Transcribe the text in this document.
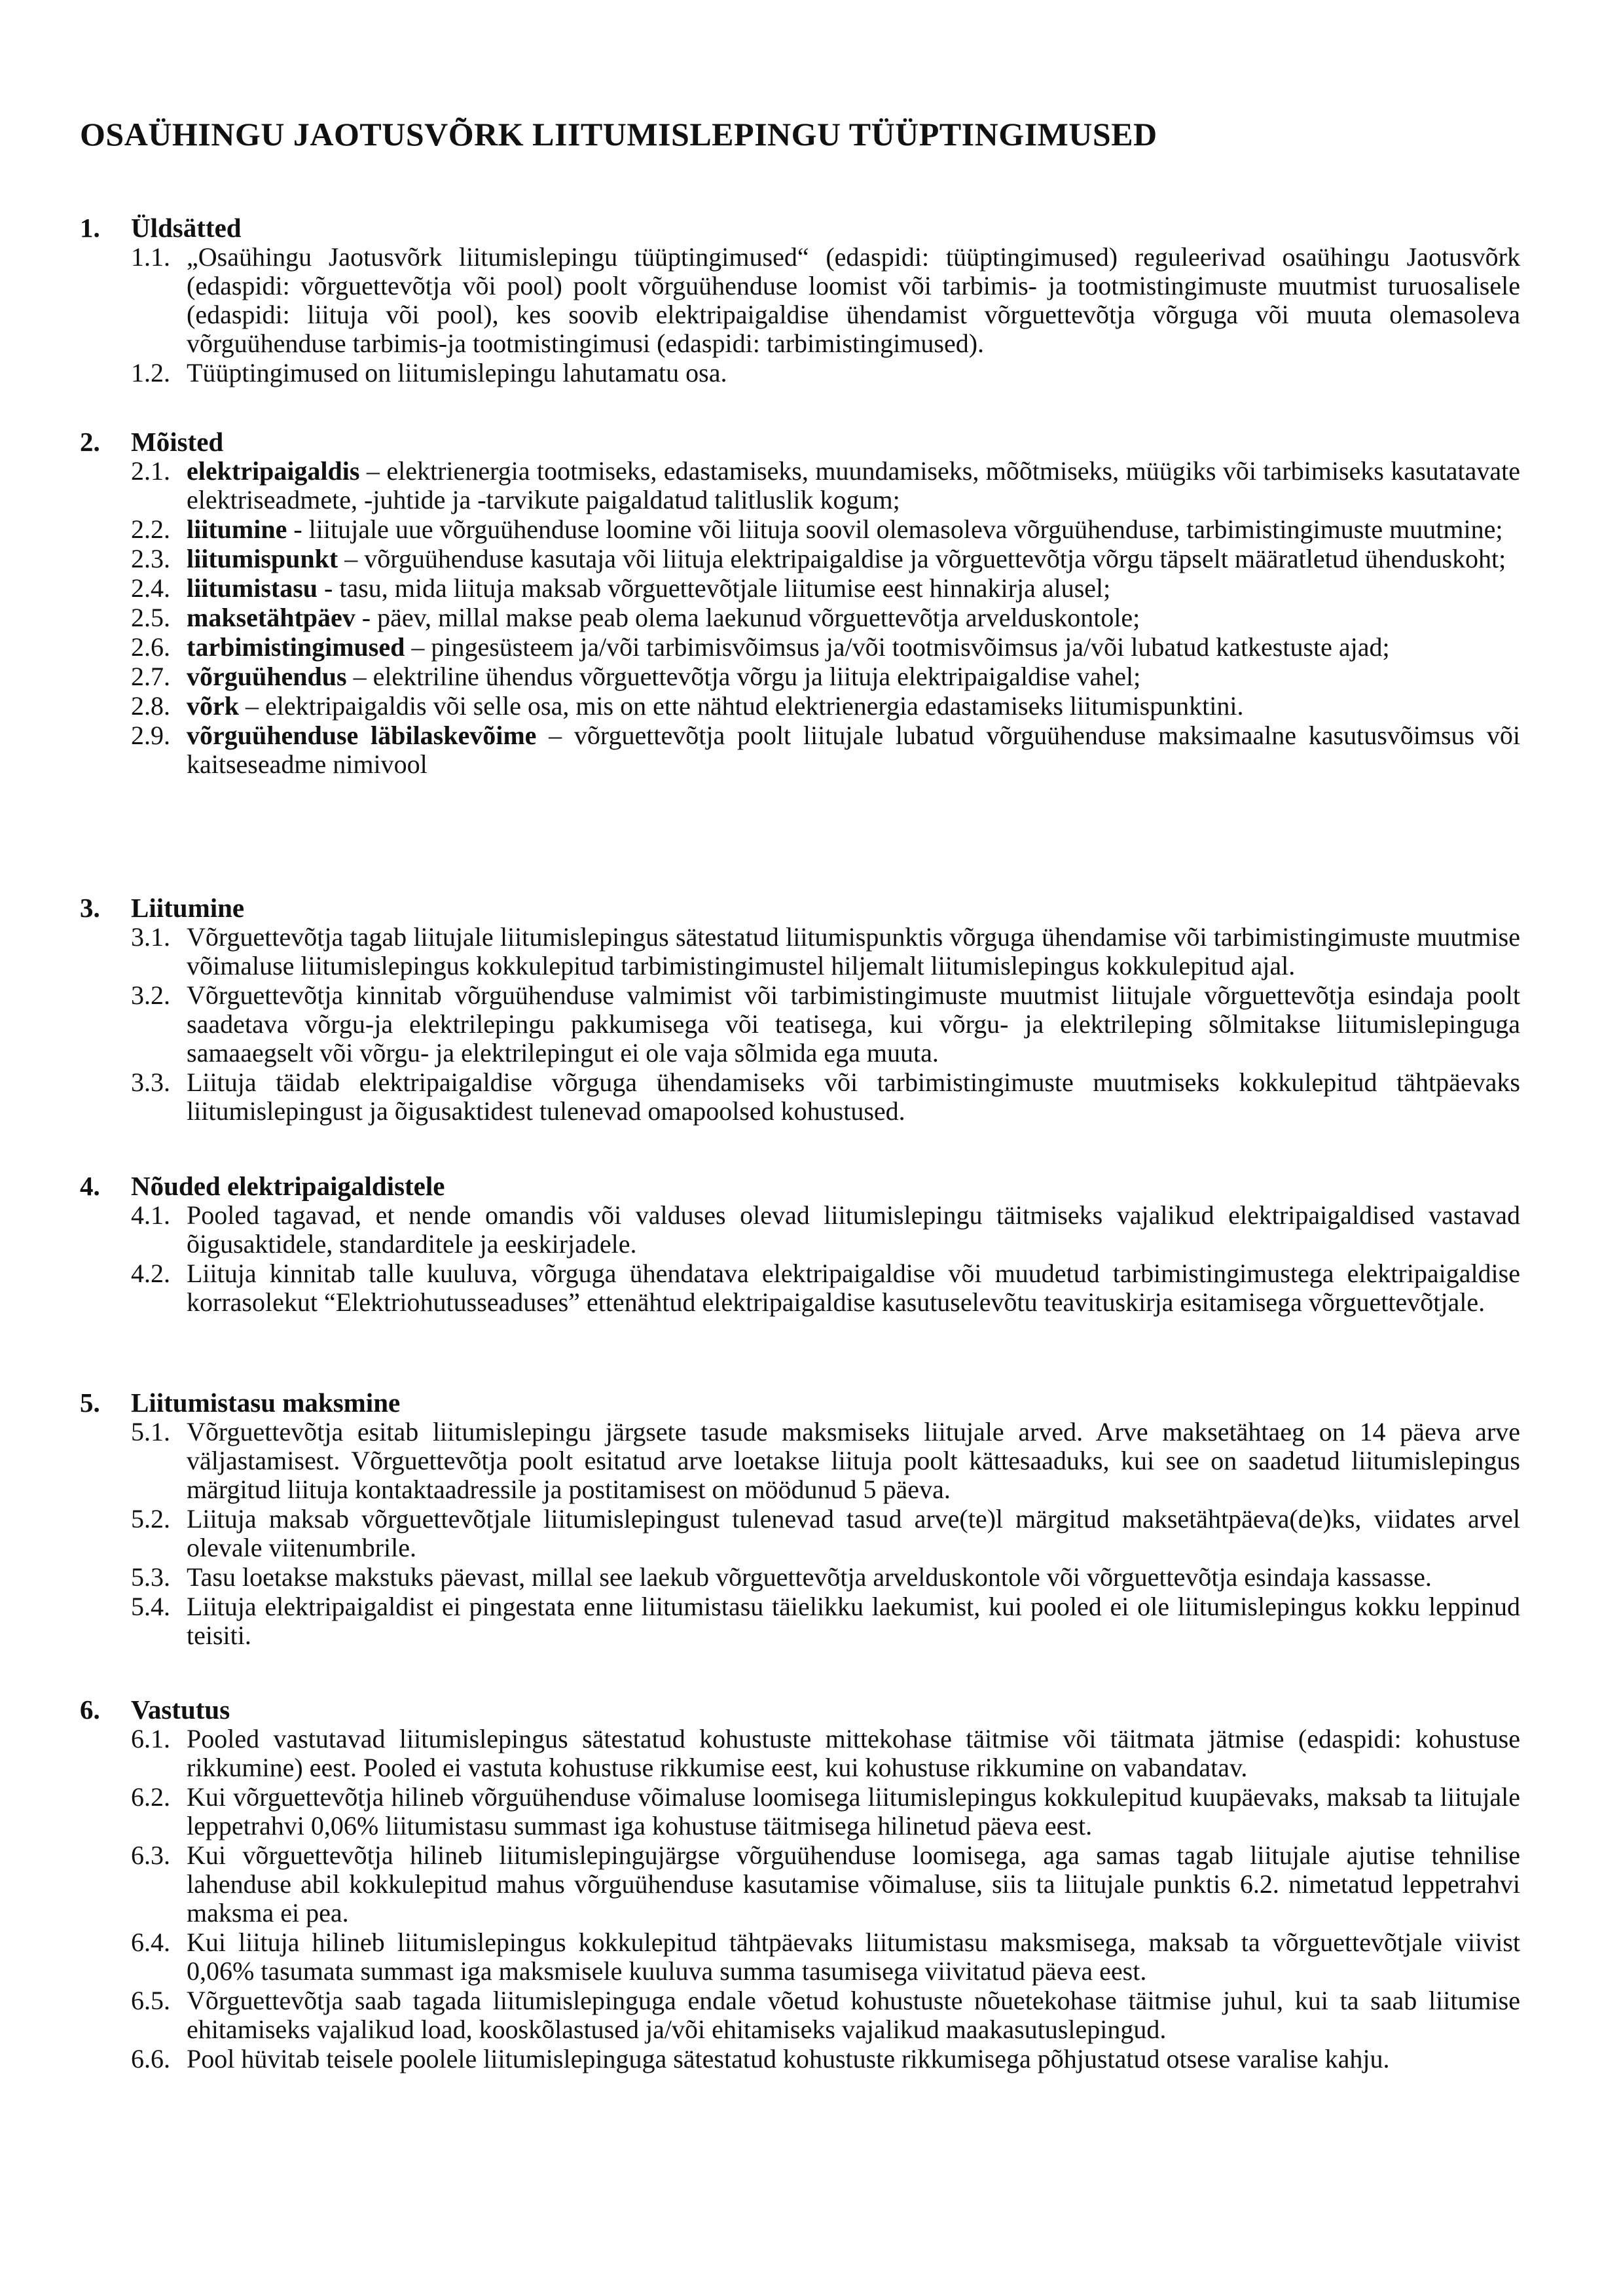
OSAÜHINGU JAOTUSVÕRK LIITUMISLEPINGU TÜÜPTINGIMUSED
1.	Üldsätted
1.1. „Osaühingu Jaotusvõrk liitumislepingu tüüptingimused“ (edaspidi: tüüptingimused) reguleerivad osaühingu Jaotusvõrk (edaspidi: võrguettevõtja või pool) poolt võrguühenduse loomist või tarbimis- ja tootmistingimuste muutmist turuosalisele (edaspidi: liituja või pool), kes soovib elektripaigaldise ühendamist võrguettevõtja võrguga või muuta olemasoleva võrguühenduse tarbimis-ja tootmistingimusi (edaspidi: tarbimistingimused).
1.2. Tüüptingimused on liitumislepingu lahutamatu osa.
2.	Mõisted
2.1. elektripaigaldis – elektrienergia tootmiseks, edastamiseks, muundamiseks, mõõtmiseks, müügiks või tarbimiseks kasutatavate elektriseadmete, -juhtide ja -tarvikute paigaldatud talitluslik kogum;
2.2. liitumine - liitujale uue võrguühenduse loomine või liituja soovil olemasoleva võrguühenduse, tarbimistingimuste muutmine;
2.3. liitumispunkt – võrguühenduse kasutaja või liituja elektripaigaldise ja võrguettevõtja võrgu täpselt määratletud ühenduskoht;
2.4. liitumistasu - tasu, mida liituja maksab võrguettevõtjale liitumise eest hinnakirja alusel;
2.5. maksetähtpäev - päev, millal makse peab olema laekunud võrguettevõtja arvelduskontole;
2.6. tarbimistingimused – pingesüsteem ja/või tarbimisvõimsus ja/või tootmisvõimsus ja/või lubatud katkestuste ajad;
2.7. võrguühendus – elektriline ühendus võrguettevõtja võrgu ja liituja elektripaigaldise vahel;
2.8. võrk – elektripaigaldis või selle osa, mis on ette nähtud elektrienergia edastamiseks liitumispunktini.
2.9. võrguühenduse läbilaskevõime – võrguettevõtja poolt liitujale lubatud võrguühenduse maksimaalne kasutusvõimsus või kaitseseadme nimivool
3.	Liitumine
3.1. Võrguettevõtja tagab liitujale liitumislepingus sätestatud liitumispunktis võrguga ühendamise või tarbimistingimuste muutmise võimaluse liitumislepingus kokkulepitud tarbimistingimustel hiljemalt liitumislepingus kokkulepitud ajal.
3.2. Võrguettevõtja kinnitab võrguühenduse valmimist või tarbimistingimuste muutmist liitujale võrguettevõtja esindaja poolt saadetava võrgu-ja elektrilepingu pakkumisega või teatisega, kui võrgu- ja elektrileping sõlmitakse liitumislepinguga samaaegselt või võrgu- ja elektrilepingut ei ole vaja sõlmida ega muuta.
3.3. Liituja täidab elektripaigaldise võrguga ühendamiseks või tarbimistingimuste muutmiseks kokkulepitud tähtpäevaks liitumislepingust ja õigusaktidest tulenevad omapoolsed kohustused.
4.	Nõuded elektripaigaldistele
4.1. Pooled tagavad, et nende omandis või valduses olevad liitumislepingu täitmiseks vajalikud elektripaigaldised vastavad õigusaktidele, standarditele ja eeskirjadele.
4.2. Liituja kinnitab talle kuuluva, võrguga ühendatava elektripaigaldise või muudetud tarbimistingimustega elektripaigaldise korrasolekut “Elektriohutusseaduses” ettenähtud elektripaigaldise kasutuselevõtu teavituskirja esitamisega võrguettevõtjale.
5.	Liitumistasu maksmine
5.1. Võrguettevõtja esitab liitumislepingu järgsete tasude maksmiseks liitujale arved. Arve maksetähtaeg on 14 päeva arve väljastamisest. Võrguettevõtja poolt esitatud arve loetakse liituja poolt kättesaaduks, kui see on saadetud liitumislepingus märgitud liituja kontaktaadressile ja postitamisest on möödunud 5 päeva.
5.2. Liituja maksab võrguettevõtjale liitumislepingust tulenevad tasud arve(te)l märgitud maksetähtpäeva(de)ks, viidates arvel olevale viitenumbrile.
5.3. Tasu loetakse makstuks päevast, millal see laekub võrguettevõtja arvelduskontole või võrguettevõtja esindaja kassasse.
5.4. Liituja elektripaigaldist ei pingestata enne liitumistasu täielikku laekumist, kui pooled ei ole liitumislepingus kokku leppinud teisiti.
6.	Vastutus
6.1. Pooled vastutavad liitumislepingus sätestatud kohustuste mittekohase täitmise või täitmata jätmise (edaspidi: kohustuse rikkumine) eest. Pooled ei vastuta kohustuse rikkumise eest, kui kohustuse rikkumine on vabandatav.
6.2. Kui võrguettevõtja hilineb võrguühenduse võimaluse loomisega liitumislepingus kokkulepitud kuupäevaks, maksab ta liitujale leppetrahvi 0,06% liitumistasu summast iga kohustuse täitmisega hilinetud päeva eest.
6.3. Kui võrguettevõtja hilineb liitumislepingujärgse võrguühenduse loomisega, aga samas tagab liitujale ajutise tehnilise lahenduse abil kokkulepitud mahus võrguühenduse kasutamise võimaluse, siis ta liitujale punktis 6.2. nimetatud leppetrahvi maksma ei pea.
6.4. Kui liituja hilineb liitumislepingus kokkulepitud tähtpäevaks liitumistasu maksmisega, maksab ta võrguettevõtjale viivist 0,06% tasumata summast iga maksmisele kuuluva summa tasumisega viivitatud päeva eest.
6.5. Võrguettevõtja saab tagada liitumislepinguga endale võetud kohustuste nõuetekohase täitmise juhul, kui ta saab liitumise ehitamiseks vajalikud load, kooskõlastused ja/või ehitamiseks vajalikud maakasutuslepingud.
6.6. Pool hüvitab teisele poolele liitumislepinguga sätestatud kohustuste rikkumisega põhjustatud otsese varalise kahju.
